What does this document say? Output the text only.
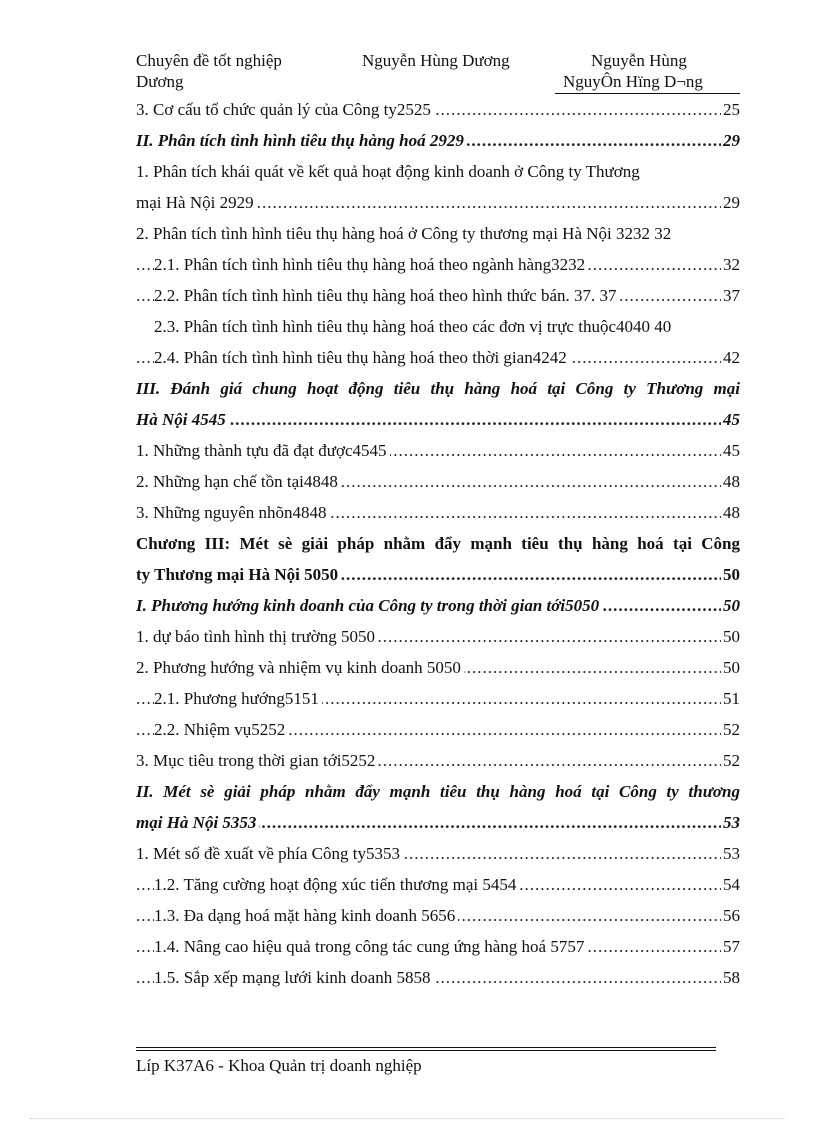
Chuyên đề tốt nghiệp
Dương
Nguyễn Hùng Dương	Nguyễn Hùng
NguyÔn Hïng D¬ng
.....
3. Cơ cấu tổ chức quản lý của Công ty2525	25
.....
II. Phân tích tình hình tiêu thụ hàng hoá 2929	29
1. Phân tích khái quát về kết quả hoạt động kinh doanh ở Công ty Thương
.....
mại Hà Nội 2929	29
2. Phân tích tình hình tiêu thụ hàng hoá ở Công ty thương mại Hà Nội 3232 32
.....
2.1. Phân tích tình hình tiêu thụ hàng hoá theo ngành hàng3232	32
.....
2.2. Phân tích tình hình tiêu thụ hàng hoá theo hình thức bán. 37. 37	37
2.3. Phân tích tình hình tiêu thụ hàng hoá theo các đơn vị trực thuộc4040 40
.....
2.4. Phân tích tình hình tiêu thụ hàng hoá theo thời gian4242	42
III. Đánh giá chung hoạt động tiêu thụ hàng hoá tại Công ty Thương mại
.....
Hà Nội 4545	45
.....
1. Những thành tựu đã đạt được4545	45
.....
2. Những hạn chế tồn tại4848	48
.....
3. Những nguyên nhõn4848	48
Chương III: Mét sè giải pháp nhằm đẩy mạnh tiêu thụ hàng hoá tại Công
.....
ty Thương mại Hà Nội 5050	50
.....
I. Phương hướng kinh doanh của Công ty trong thời gian tới5050	50
.....
1. dự báo tình hình thị trường 5050	50
.....
2. Phương hướng và nhiệm vụ kinh doanh 5050	50
.....
2.1. Phương hướng5151	51
.....
2.2. Nhiệm vụ5252	52
.....
3. Mục tiêu trong thời gian tới5252	52
II. Mét sè giải pháp nhằm đẩy mạnh tiêu thụ hàng hoá tại Công ty thương
.....
mại Hà Nội 5353	53
.....
1. Mét số đề xuất về phía Công ty5353	53
.....
1.2. Tăng cường hoạt động xúc tiến thương mại 5454	54
.....
1.3. Đa dạng hoá mặt hàng kinh doanh 5656	56
.....
1.4. Nâng cao hiệu quả trong công tác cung ứng hàng hoá 5757	57
.....
1.5. Sắp xếp mạng lưới kinh doanh 5858	58
Líp K37A6 - Khoa Quản trị doanh nghiệp
